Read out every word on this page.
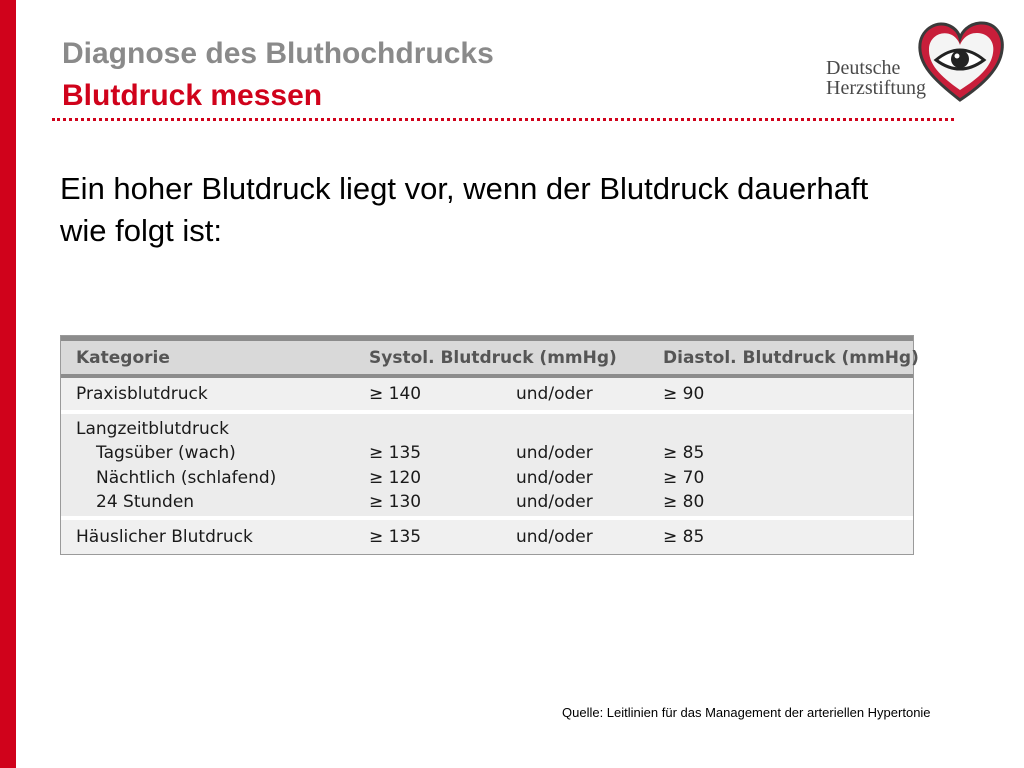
Diagnose des Bluthochdrucks
Blutdruck messen
Deutsche
Herzstiftung
Ein hoher Blutdruck liegt vor, wenn der Blutdruck dauerhaft wie folgt ist:
Kategorie	Systol. Blutdruck (mmHg)	Diastol. Blutdruck (mmHg)
Praxisblutdruck	≥ 140	und/oder	≥ 90
Langzeitblutdruck
Tagsüber (wach)	≥ 135	und/oder	≥ 85
Nächtlich (schlafend)	≥ 120	und/oder	≥ 70
24 Stunden	≥ 130	und/oder	≥ 80
Häuslicher Blutdruck	≥ 135	und/oder	≥ 85
Quelle: Leitlinien für das Management der arteriellen Hypertonie
